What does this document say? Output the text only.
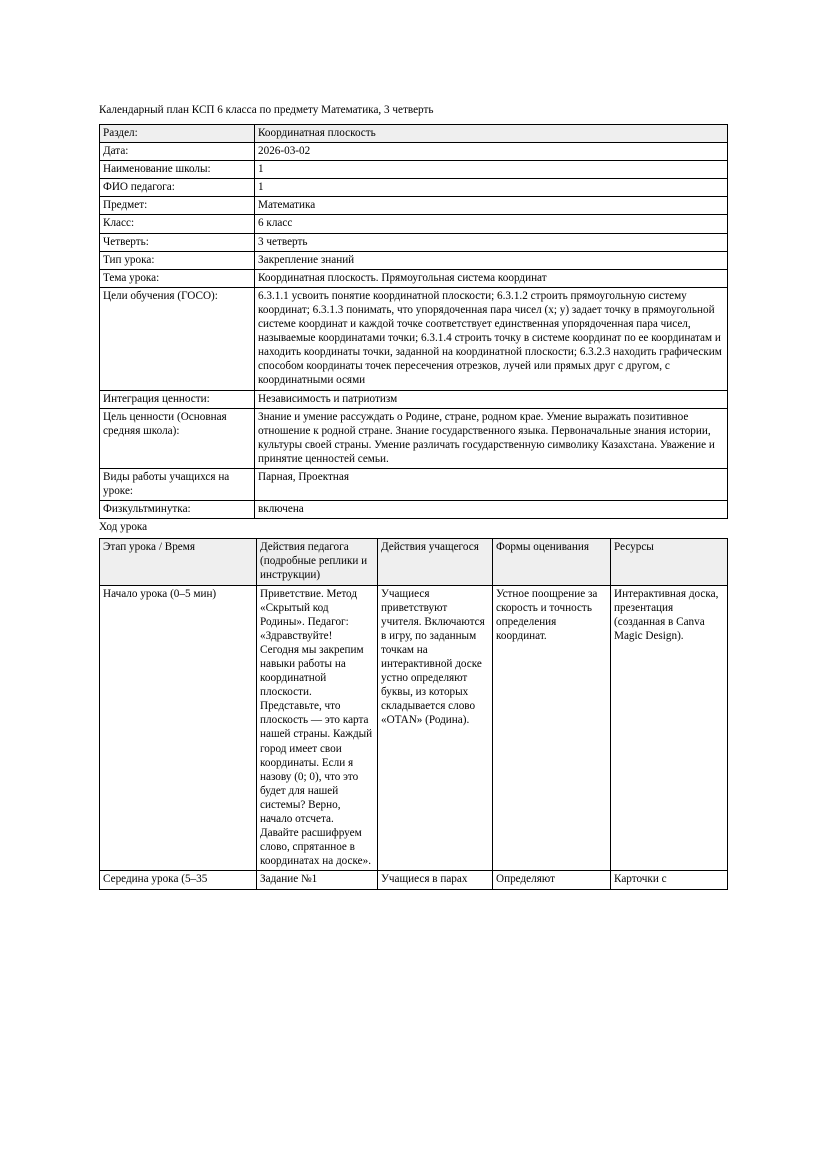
Календарный план КСП 6 класса по предмету Математика, 3 четверть

Раздел:	Координатная плоскость
Дата:	2026-03-02
Наименование школы:	1
ФИО педагога:	1
Предмет:	Математика
Класс:	6 класс
Четверть:	3 четверть
Тип урока:	Закрепление знаний
Тема урока:	Координатная плоскость. Прямоугольная система координат
Цели обучения (ГОСО):	6.3.1.1 усвоить понятие координатной плоскости; 6.3.1.2 строить прямоугольную систему координат; 6.3.1.3 понимать, что упорядоченная пара чисел (х; у) задает точку в прямоугольной системе координат и каждой точке соответствует единственная упорядоченная пара чисел, называемые координатами точки; 6.3.1.4 строить точку в системе координат по ее координатам и находить координаты точки, заданной на координатной плоскости; 6.3.2.3 находить графическим способом координаты точек пересечения отрезков, лучей или прямых друг с другом, с координатными осями
Интеграция ценности:	Независимость и патриотизм
Цель ценности (Основная средняя школа):	Знание и умение рассуждать о Родине, стране, родном крае. Умение выражать позитивное отношение к родной стране. Знание государственного языка. Первоначальные знания истории, культуры своей страны. Умение различать государственную символику Казахстана. Уважение и принятие ценностей семьи.
Виды работы учащихся на уроке:	Парная, Проектная
Физкультминутка:	включена

Ход урока

Этап урока / Время	Действия педагога (подробные реплики и инструкции)	Действия учащегося	Формы оценивания	Ресурсы
Начало урока (0–5 мин)	Приветствие. Метод «Скрытый код Родины». Педагог: «Здравствуйте! Сегодня мы закрепим навыки работы на координатной плоскости. Представьте, что плоскость — это карта нашей страны. Каждый город имеет свои координаты. Если я назову (0; 0), что это будет для нашей системы? Верно, начало отсчета. Давайте расшифруем слово, спрятанное в координатах на доске».	Учащиеся приветствуют учителя. Включаются в игру, по заданным точкам на интерактивной доске устно определяют буквы, из которых складывается слово «OTAN» (Родина).	Устное поощрение за скорость и точность определения координат.	Интерактивная доска, презентация (созданная в Canva Magic Design).
Середина урока (5–35	Задание №1	Учащиеся в парах	Определяют	Карточки с
